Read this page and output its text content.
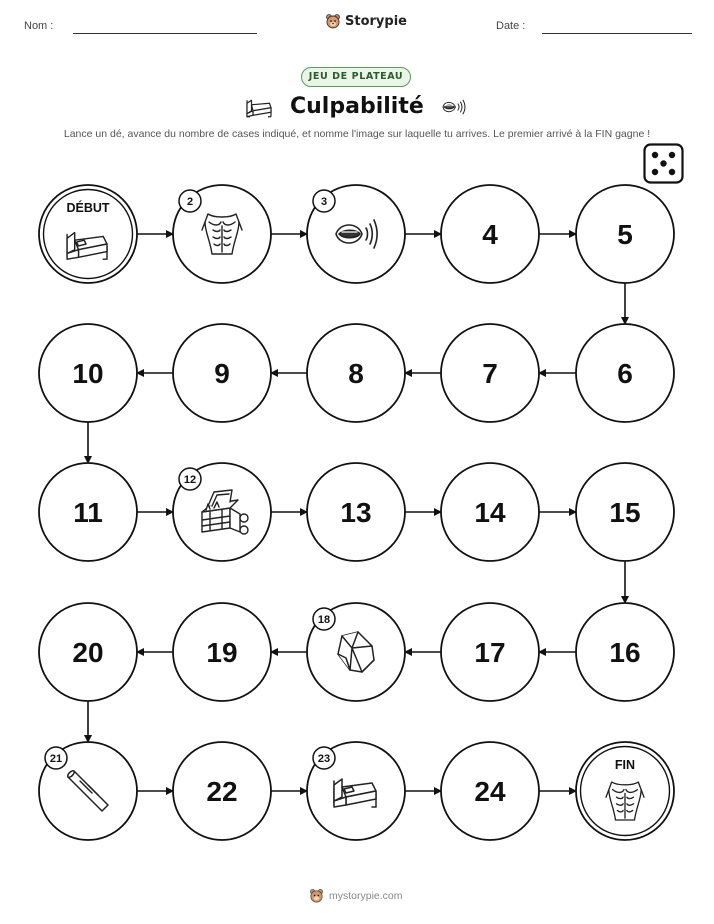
Nom :	Storypie	Date :
JEU DE PLATEAU
Culpabilité
Lance un dé, avance du nombre de cases indiqué, et nomme l'image sur laquelle tu arrives. Le premier arrivé à la FIN gagne !
DÉBUT	2	3
4	5
6
7
8
9
10
11
12
13	14	15
16
17
18
19
20
21
22
23
24
FIN
mystorypie.com
